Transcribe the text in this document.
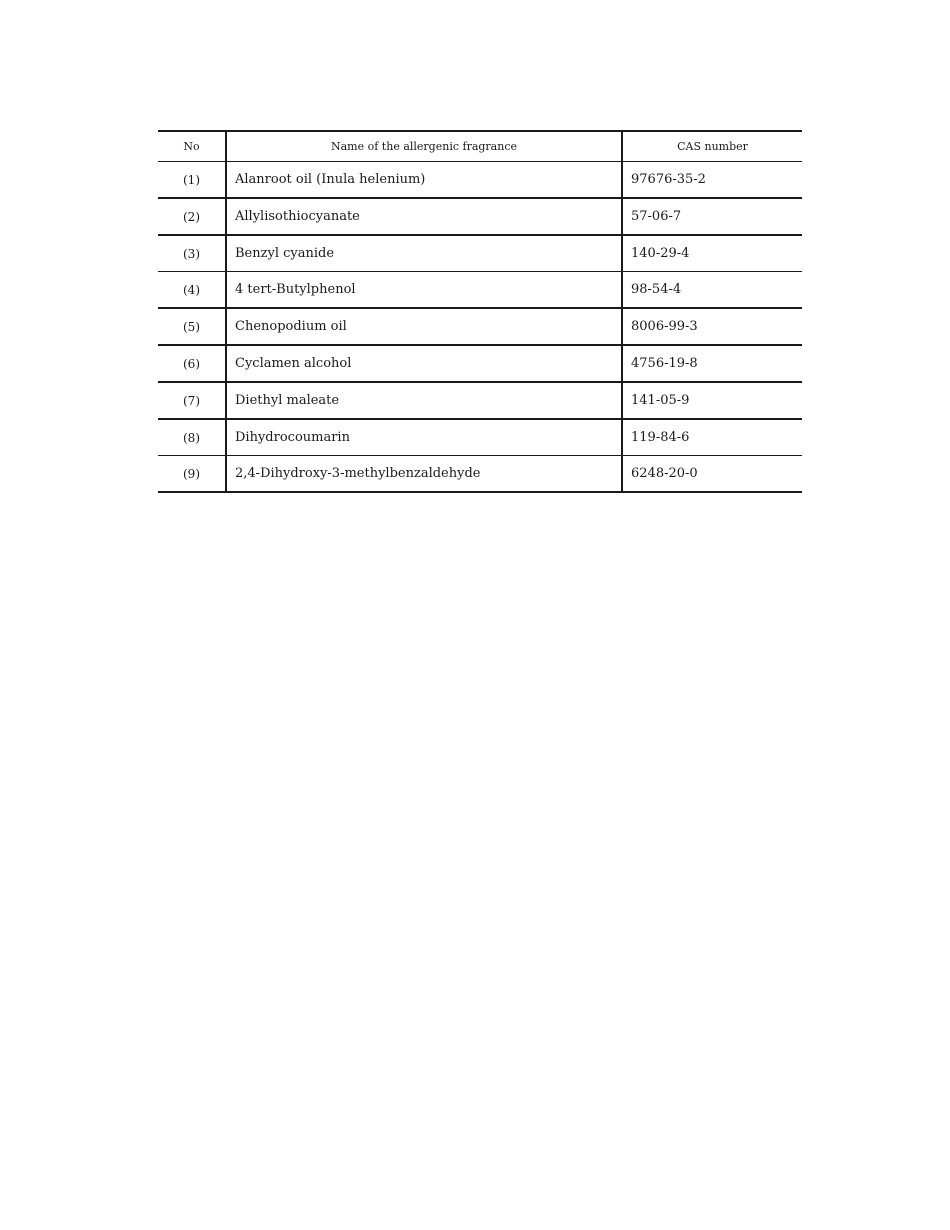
No	Name of the allergenic fragrance	CAS number
(1)	Alanroot oil (Inula helenium)	97676-35-2
(2)	Allylisothiocyanate	57-06-7
(3)	Benzyl cyanide	140-29-4
(4)	4 tert-Butylphenol	98-54-4
(5)	Chenopodium oil	8006-99-3
(6)	Cyclamen alcohol	4756-19-8
(7)	Diethyl maleate	141-05-9
(8)	Dihydrocoumarin	119-84-6
(9)	2,4-Dihydroxy-3-methylbenzaldehyde	6248-20-0
